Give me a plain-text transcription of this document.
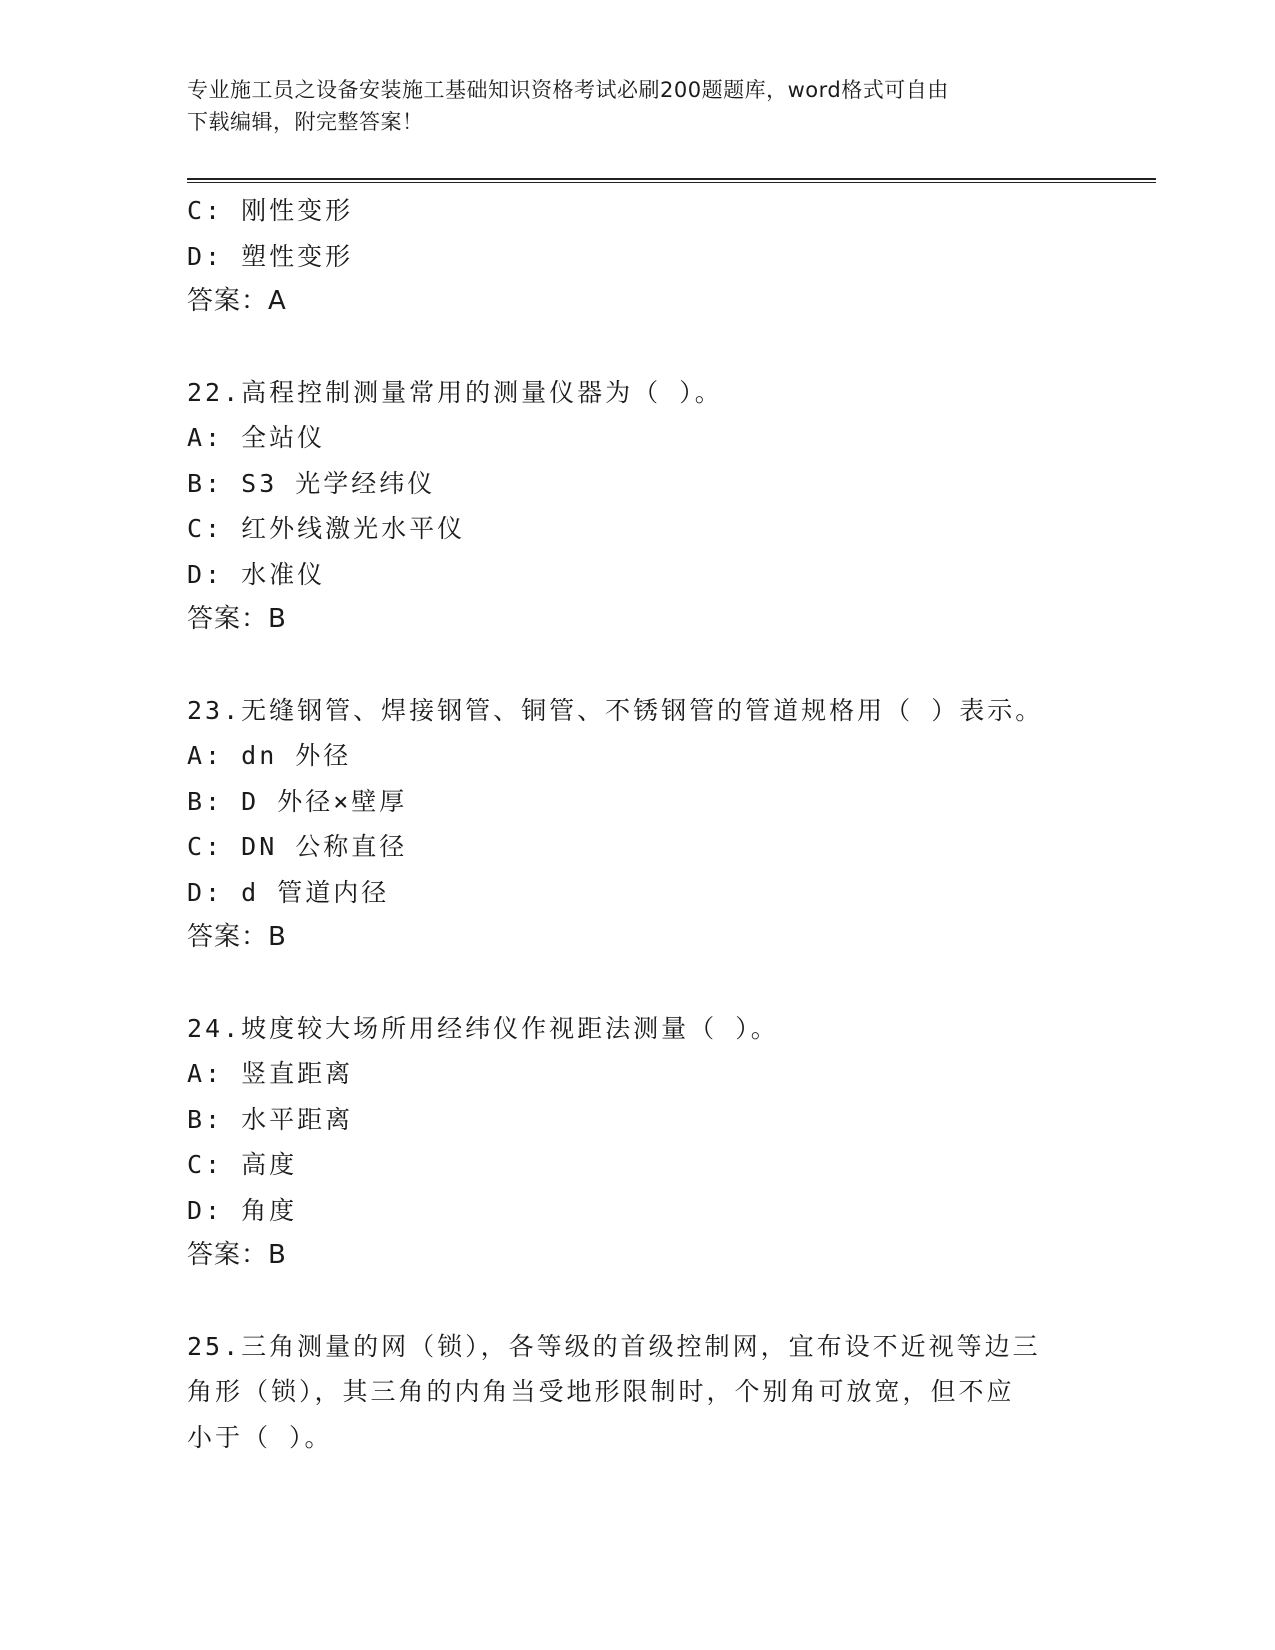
专业施工员之设备安装施工基础知识资格考试必刷200题题库，word格式可自由
下载编辑，附完整答案！
C: 刚性变形
D: 塑性变形
答案：A
22.高程控制测量常用的测量仪器为（ ）。
A: 全站仪
B: S3 光学经纬仪
C: 红外线激光水平仪
D: 水准仪
答案：B
23.无缝钢管、焊接钢管、铜管、不锈钢管的管道规格用（ ）表示。
A: dn 外径
B: D 外径×壁厚
C: DN 公称直径
D: d 管道内径
答案：B
24.坡度较大场所用经纬仪作视距法测量（ ）。
A: 竖直距离
B: 水平距离
C: 高度
D: 角度
答案：B
25.三角测量的网（锁），各等级的首级控制网，宜布设不近视等边三
角形（锁），其三角的内角当受地形限制时，个别角可放宽，但不应
小于（ ）。
